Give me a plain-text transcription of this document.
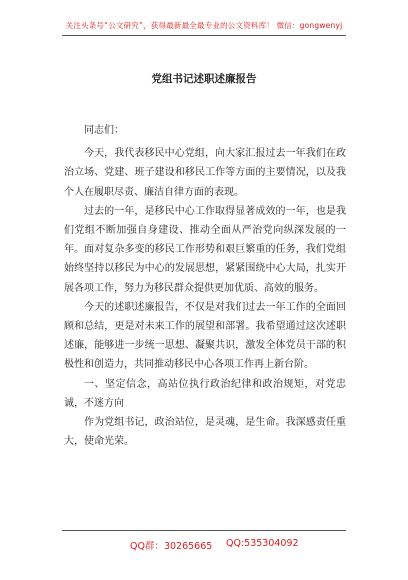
关注头条号“公文研究”，获得最新最全最专业的公文资料库！ 微信：gongwenyj
党组书记述职述廉报告

同志们：

今天，我代表移民中心党组，向大家汇报过去一年我们在政治立场、党建、班子建设和移民工作等方面的主要情况，以及我个人在履职尽责、廉洁自律方面的表现。

过去的一年，是移民中心工作取得显著成效的一年，也是我们党组不断加强自身建设、推动全面从严治党向纵深发展的一年。面对复杂多变的移民工作形势和艰巨繁重的任务，我们党组始终坚持以移民为中心的发展思想，紧紧围绕中心大局，扎实开展各项工作，努力为移民群众提供更加优质、高效的服务。

今天的述职述廉报告，不仅是对我们过去一年工作的全面回顾和总结，更是对未来工作的展望和部署。我希望通过这次述职述廉，能够进一步统一思想、凝聚共识，激发全体党员干部的积极性和创造力，共同推动移民中心各项工作再上新台阶。

一、坚定信念，高站位执行政治纪律和政治规矩，对党忠诚，不迷方向

作为党组书记，政治站位，是灵魂，是生命。我深感责任重大，使命光荣。

QQ群：30265665 QQ:535304092
